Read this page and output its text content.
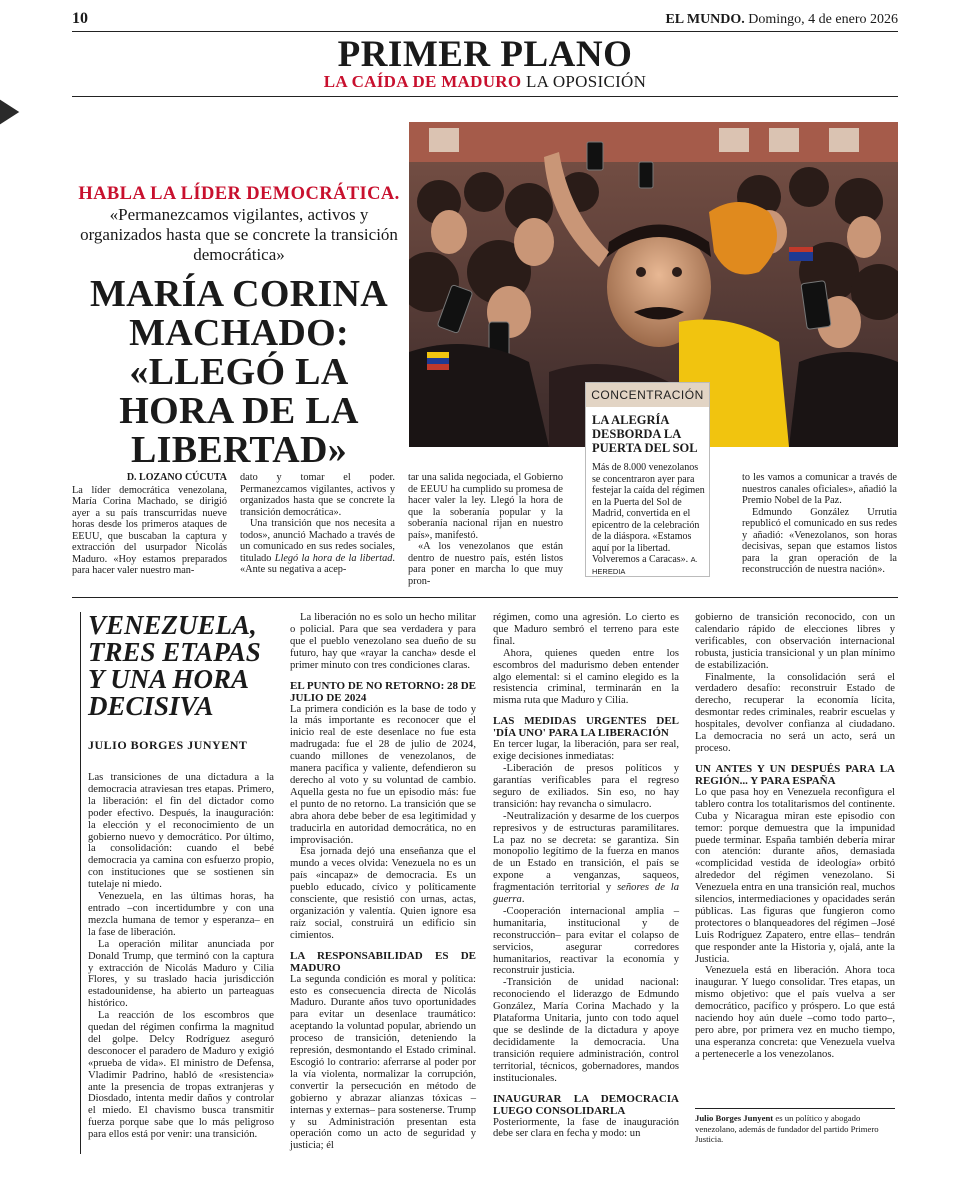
10	EL MUNDO. Domingo, 4 de enero 2026
PRIMER PLANO
LA CAÍDA DE MADURO LA OPOSICIÓN
HABLA LA LÍDER DEMOCRÁTICA.
«Permanezcamos vigilantes, activos y organizados hasta que se concrete la transición democrática»
MARÍA CORINA MACHADO: «LLEGÓ LA HORA DE LA LIBERTAD»
CONCENTRACIÓN
LA ALEGRÍA DESBORDA LA PUERTA DEL SOL
Más de 8.000 venezolanos se concentraron ayer para festejar la caída del régimen en la Puerta del Sol de Madrid, convertida en el epicentro de la celebración de la diáspora. «Estamos aquí por la libertad. Volveremos a Caracas». A. HEREDIA
D. LOZANO CÚCUTA
La líder democrática venezolana, María Corina Machado, se dirigió ayer a su país transcurridas nueve horas desde los primeros ataques de EEUU, que buscaban la captura y extracción del usurpador Nicolás Maduro. «Hoy estamos preparados para hacer valer nuestro man-
dato y tomar el poder. Permanezcamos vigilantes, activos y organizados hasta que se concrete la transición democrática».
Una transición que nos necesita a todos», anunció Machado a través de un comunicado en sus redes sociales, titulado Llegó la hora de la libertad. «Ante su negativa a acep-
tar una salida negociada, el Gobierno de EEUU ha cumplido su promesa de hacer valer la ley. Llegó la hora de que la soberanía popular y la soberanía nacional rijan en nuestro país», manifestó.
«A los venezolanos que están dentro de nuestro país, estén listos para poner en marcha lo que muy pron-
to les vamos a comunicar a través de nuestros canales oficiales», añadió la Premio Nobel de la Paz.
Edmundo González Urrutia republicó el comunicado en sus redes y añadió: «Venezolanos, son horas decisivas, sepan que estamos listos para la gran operación de la reconstrucción de nuestra nación».
VENEZUELA, TRES ETAPAS Y UNA HORA DECISIVA
JULIO BORGES JUNYENT
Las transiciones de una dictadura a la democracia atraviesan tres etapas. Primero, la liberación: el fin del dictador como poder efectivo. Después, la inauguración: la elección y el reconocimiento de un gobierno nuevo y democrático. Por último, la consolidación: cuando el bebé democracia ya camina con esfuerzo propio, con instituciones que se sostienen sin tutelaje ni miedo.
Venezuela, en las últimas horas, ha entrado –con incertidumbre y con una mezcla humana de temor y esperanza– en la fase de liberación.
La operación militar anunciada por Donald Trump, que terminó con la captura y extracción de Nicolás Maduro y Cilia Flores, y su traslado hacia jurisdicción estadounidense, ha abierto un parteaguas histórico.
La reacción de los escombros que quedan del régimen confirma la magnitud del golpe. Delcy Rodríguez aseguró desconocer el paradero de Maduro y exigió «prueba de vida». El ministro de Defensa, Vladimir Padrino, habló de «resistencia» ante la presencia de tropas extranjeras y Diosdado, intenta medir daños y controlar el miedo. El chavismo busca transmitir fuerza porque sabe que lo más peligroso para ellos está por venir: una transición.
La liberación no es solo un hecho militar o policial. Para que sea verdadera y para que el pueblo venezolano sea dueño de su futuro, hay que «rayar la cancha» desde el primer minuto con tres condiciones claras.
EL PUNTO DE NO RETORNO: 28 DE JULIO DE 2024
La primera condición es la base de todo y la más importante es reconocer que el inicio real de este desenlace no fue esta madrugada: fue el 28 de julio de 2024, cuando millones de venezolanos, de manera pacífica y valiente, defendieron su derecho al voto y su voluntad de cambio. Aquella gesta no fue un episodio más: fue el punto de no retorno. La transición que se abra ahora debe beber de esa legitimidad y traducirla en autoridad democrática, no en improvisación.
Esa jornada dejó una enseñanza que el mundo a veces olvida: Venezuela no es un país «incapaz» de democracia. Es un pueblo educado, cívico y políticamente consciente, que resistió con urnas, actas, organización y valentía. Quien ignore esa raíz social, construirá un edificio sin cimientos.
LA RESPONSABILIDAD ES DE MADURO
La segunda condición es moral y política: esto es consecuencia directa de Nicolás Maduro. Durante años tuvo oportunidades para evitar un desenlace traumático: aceptando la voluntad popular, abriendo un proceso de transición, deteniendo la represión, desmontando el Estado criminal. Escogió lo contrario: aferrarse al poder por la vía violenta, normalizar la corrupción, convertir la persecución en método de gobierno y abrazar alianzas tóxicas –internas y externas– para sostenerse. Trump y su Administración presentan esta operación como un acto de seguridad y justicia; él
régimen, como una agresión. Lo cierto es que Maduro sembró el terreno para este final.
Ahora, quienes queden entre los escombros del madurismo deben entender algo elemental: si el camino elegido es la resistencia criminal, terminarán en la misma ruta que Maduro y Cilia.
LAS MEDIDAS URGENTES DEL 'DÍA UNO' PARA LA LIBERACIÓN
En tercer lugar, la liberación, para ser real, exige decisiones inmediatas:
-Liberación de presos políticos y garantías verificables para el regreso seguro de exiliados. Sin eso, no hay transición: hay revancha o simulacro.
-Neutralización y desarme de los cuerpos represivos y de estructuras paramilitares. La paz no se decreta: se garantiza. Sin monopolio legítimo de la fuerza en manos de un Estado en transición, el país se expone a venganzas, saqueos, fragmentación territorial y señores de la guerra.
-Cooperación internacional amplia –humanitaria, institucional y de reconstrucción– para evitar el colapso de servicios, asegurar corredores humanitarios, reactivar la economía y reconstruir justicia.
-Transición de unidad nacional: reconociendo el liderazgo de Edmundo González, María Corina Machado y la Plataforma Unitaria, junto con todo aquel que se deslinde de la dictadura y apoye decididamente la democracia. Una transición requiere administración, control territorial, técnicos, gobernadores, mandos institucionales.
INAUGURAR LA DEMOCRACIA LUEGO CONSOLIDARLA
Posteriormente, la fase de inauguración debe ser clara en fecha y modo: un
gobierno de transición reconocido, con un calendario rápido de elecciones libres y verificables, con observación internacional robusta, justicia transicional y un plan mínimo de estabilización.
Finalmente, la consolidación será el verdadero desafío: reconstruir Estado de derecho, recuperar la economía lícita, desmontar redes criminales, reabrir escuelas y hospitales, devolver confianza al ciudadano. La democracia no será un acto, será un proceso.
UN ANTES Y UN DESPUÉS PARA LA REGIÓN... Y PARA ESPAÑA
Lo que pasa hoy en Venezuela reconfigura el tablero contra los totalitarismos del continente. Cuba y Nicaragua miran este episodio con temor: porque demuestra que la impunidad puede terminar. España también debería mirar con atención: durante años, demasiada «complicidad vestida de ideología» orbitó alrededor del régimen venezolano. Si Venezuela entra en una transición real, muchos silencios, intermediaciones y opacidades serán públicas. Las figuras que fungieron como protectores o blanqueadores del régimen –José Luis Rodríguez Zapatero, entre ellas– tendrán que responder ante la Historia y, ojalá, ante la Justicia.
Venezuela está en liberación. Ahora toca inaugurar. Y luego consolidar. Tres etapas, un mismo objetivo: que el país vuelva a ser democrático, pacífico y próspero. Lo que está naciendo hoy aún duele –como todo parto–, pero abre, por primera vez en mucho tiempo, una esperanza concreta: que Venezuela vuelva a pertenecerle a los venezolanos.
Julio Borges Junyent es un político y abogado venezolano, además de fundador del partido Primero Justicia.
